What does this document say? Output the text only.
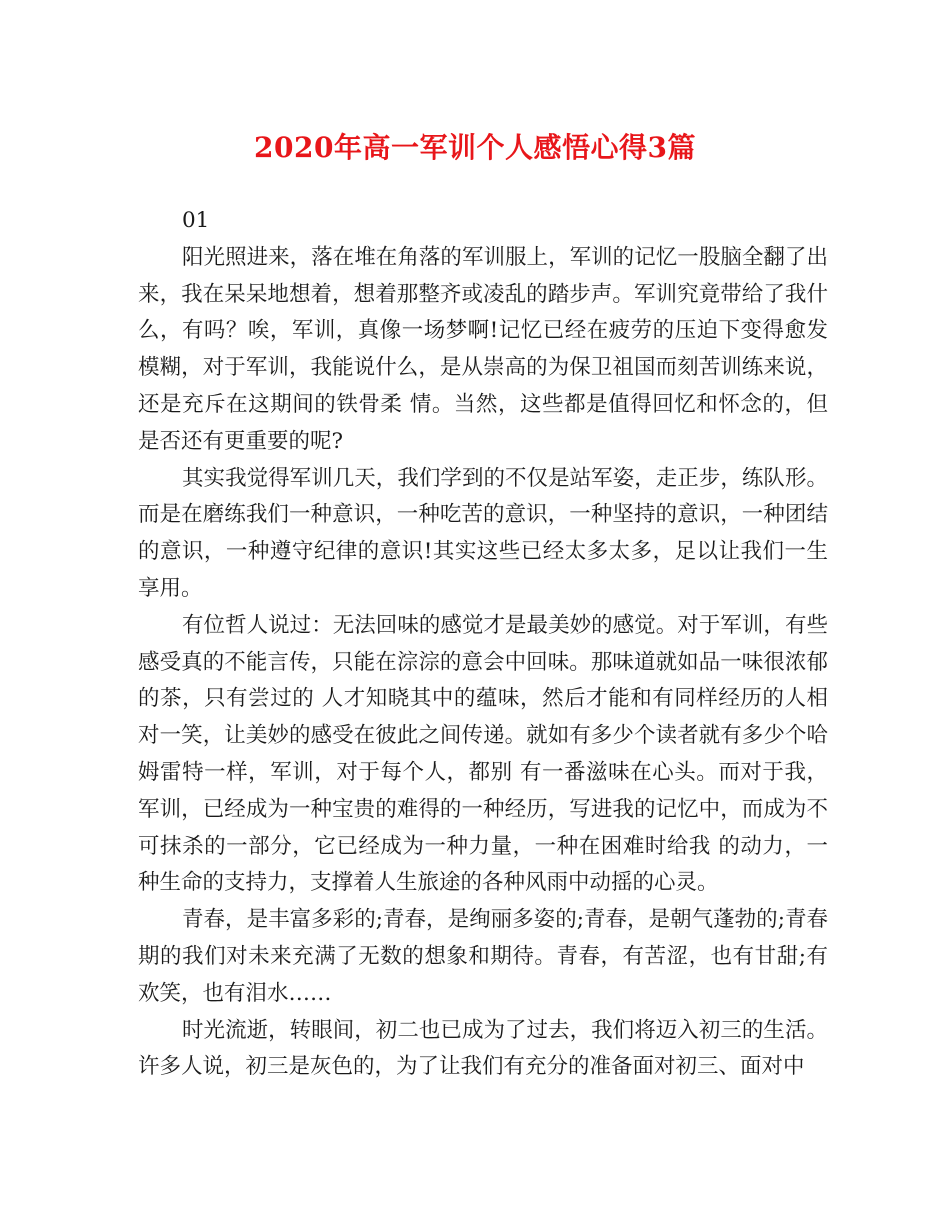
2020年高一军训个人感悟心得3篇

01

阳光照进来，落在堆在角落的军训服上，军训的记忆一股脑全翻了出来，我在呆呆地想着，想着那整齐或凌乱的踏步声。军训究竟带给了我什么，有吗？唉，军训，真像一场梦啊!记忆已经在疲劳的压迫下变得愈发模糊，对于军训，我能说什么，是从崇高的为保卫祖国而刻苦训练来说，还是充斥在这期间的铁骨柔 情。当然，这些都是值得回忆和怀念的，但是否还有更重要的呢?

其实我觉得军训几天，我们学到的不仅是站军姿，走正步，练队形。而是在磨练我们一种意识，一种吃苦的意识，一种坚持的意识，一种团结的意识，一种遵守纪律的意识!其实这些已经太多太多，足以让我们一生享用。

有位哲人说过：无法回味的感觉才是最美妙的感觉。对于军训，有些感受真的不能言传，只能在淙淙的意会中回味。那味道就如品一味很浓郁的茶，只有尝过的 人才知晓其中的蕴味，然后才能和有同样经历的人相对一笑，让美妙的感受在彼此之间传递。就如有多少个读者就有多少个哈姆雷特一样，军训，对于每个人，都别 有一番滋味在心头。而对于我，军训，已经成为一种宝贵的难得的一种经历，写进我的记忆中，而成为不可抹杀的一部分，它已经成为一种力量，一种在困难时给我 的动力，一种生命的支持力，支撑着人生旅途的各种风雨中动摇的心灵。

青春，是丰富多彩的;青春，是绚丽多姿的;青春，是朝气蓬勃的;青春期的我们对未来充满了无数的想象和期待。青春，有苦涩，也有甘甜;有欢笑，也有泪水……

时光流逝，转眼间，初二也已成为了过去，我们将迈入初三的生活。许多人说，初三是灰色的，为了让我们有充分的准备面对初三、面对中
